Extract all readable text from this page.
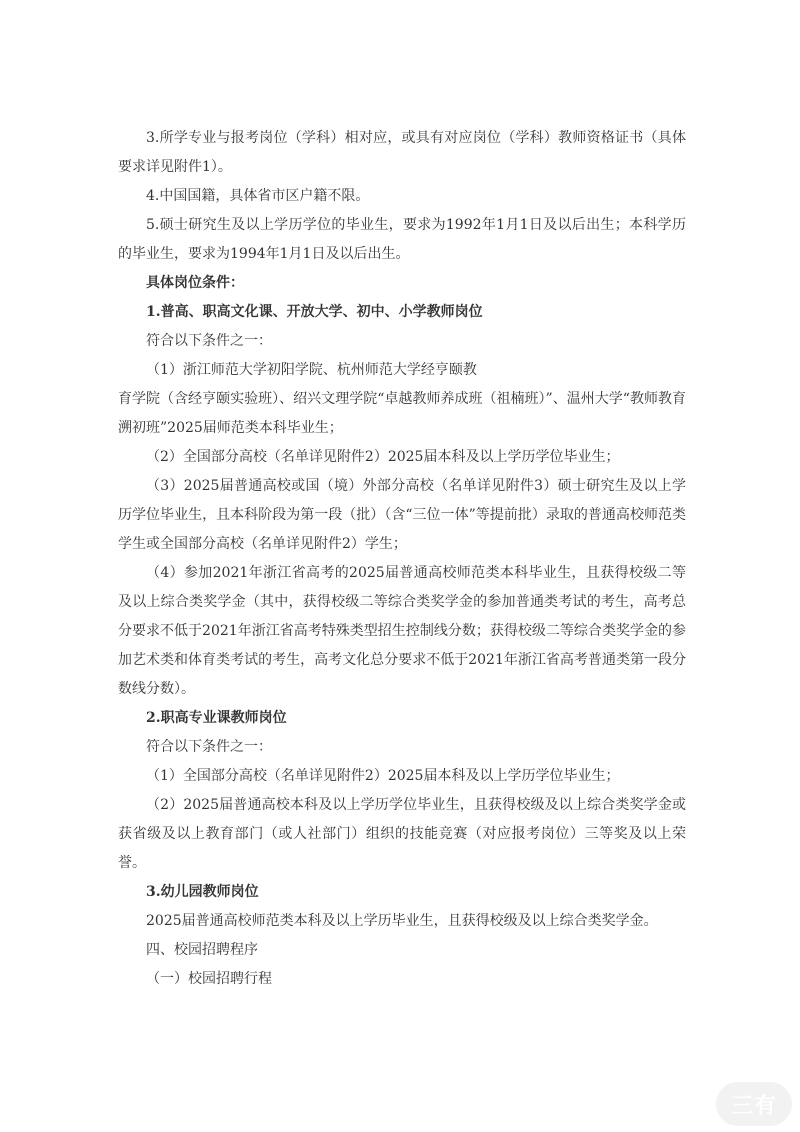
3.所学专业与报考岗位（学科）相对应，或具有对应岗位（学科）教师资格证书（具体要求详见附件1）。

4.中国国籍，具体省市区户籍不限。

5.硕士研究生及以上学历学位的毕业生，要求为1992年1月1日及以后出生；本科学历的毕业生，要求为1994年1月1日及以后出生。

具体岗位条件：

1.普高、职高文化课、开放大学、初中、小学教师岗位

符合以下条件之一：

（1）浙江师范大学初阳学院、杭州师范大学经亨颐教

育学院（含经亨颐实验班）、绍兴文理学院“卓越教师养成班（祖楠班）”、温州大学“教师教育溯初班”2025届师范类本科毕业生；

（2）全国部分高校（名单详见附件2）2025届本科及以上学历学位毕业生；

（3）2025届普通高校或国（境）外部分高校（名单详见附件3）硕士研究生及以上学历学位毕业生，且本科阶段为第一段（批）（含“三位一体”等提前批）录取的普通高校师范类学生或全国部分高校（名单详见附件2）学生；

（4）参加2021年浙江省高考的2025届普通高校师范类本科毕业生，且获得校级二等及以上综合类奖学金（其中，获得校级二等综合类奖学金的参加普通类考试的考生，高考总分要求不低于2021年浙江省高考特殊类型招生控制线分数；获得校级二等综合类奖学金的参加艺术类和体育类考试的考生，高考文化总分要求不低于2021年浙江省高考普通类第一段分数线分数）。

2.职高专业课教师岗位

符合以下条件之一：

（1）全国部分高校（名单详见附件2）2025届本科及以上学历学位毕业生；

（2）2025届普通高校本科及以上学历学位毕业生，且获得校级及以上综合类奖学金或获省级及以上教育部门（或人社部门）组织的技能竞赛（对应报考岗位）三等奖及以上荣誉。

3.幼儿园教师岗位

2025届普通高校师范类本科及以上学历毕业生，且获得校级及以上综合类奖学金。

四、校园招聘程序

（一）校园招聘行程

三有
